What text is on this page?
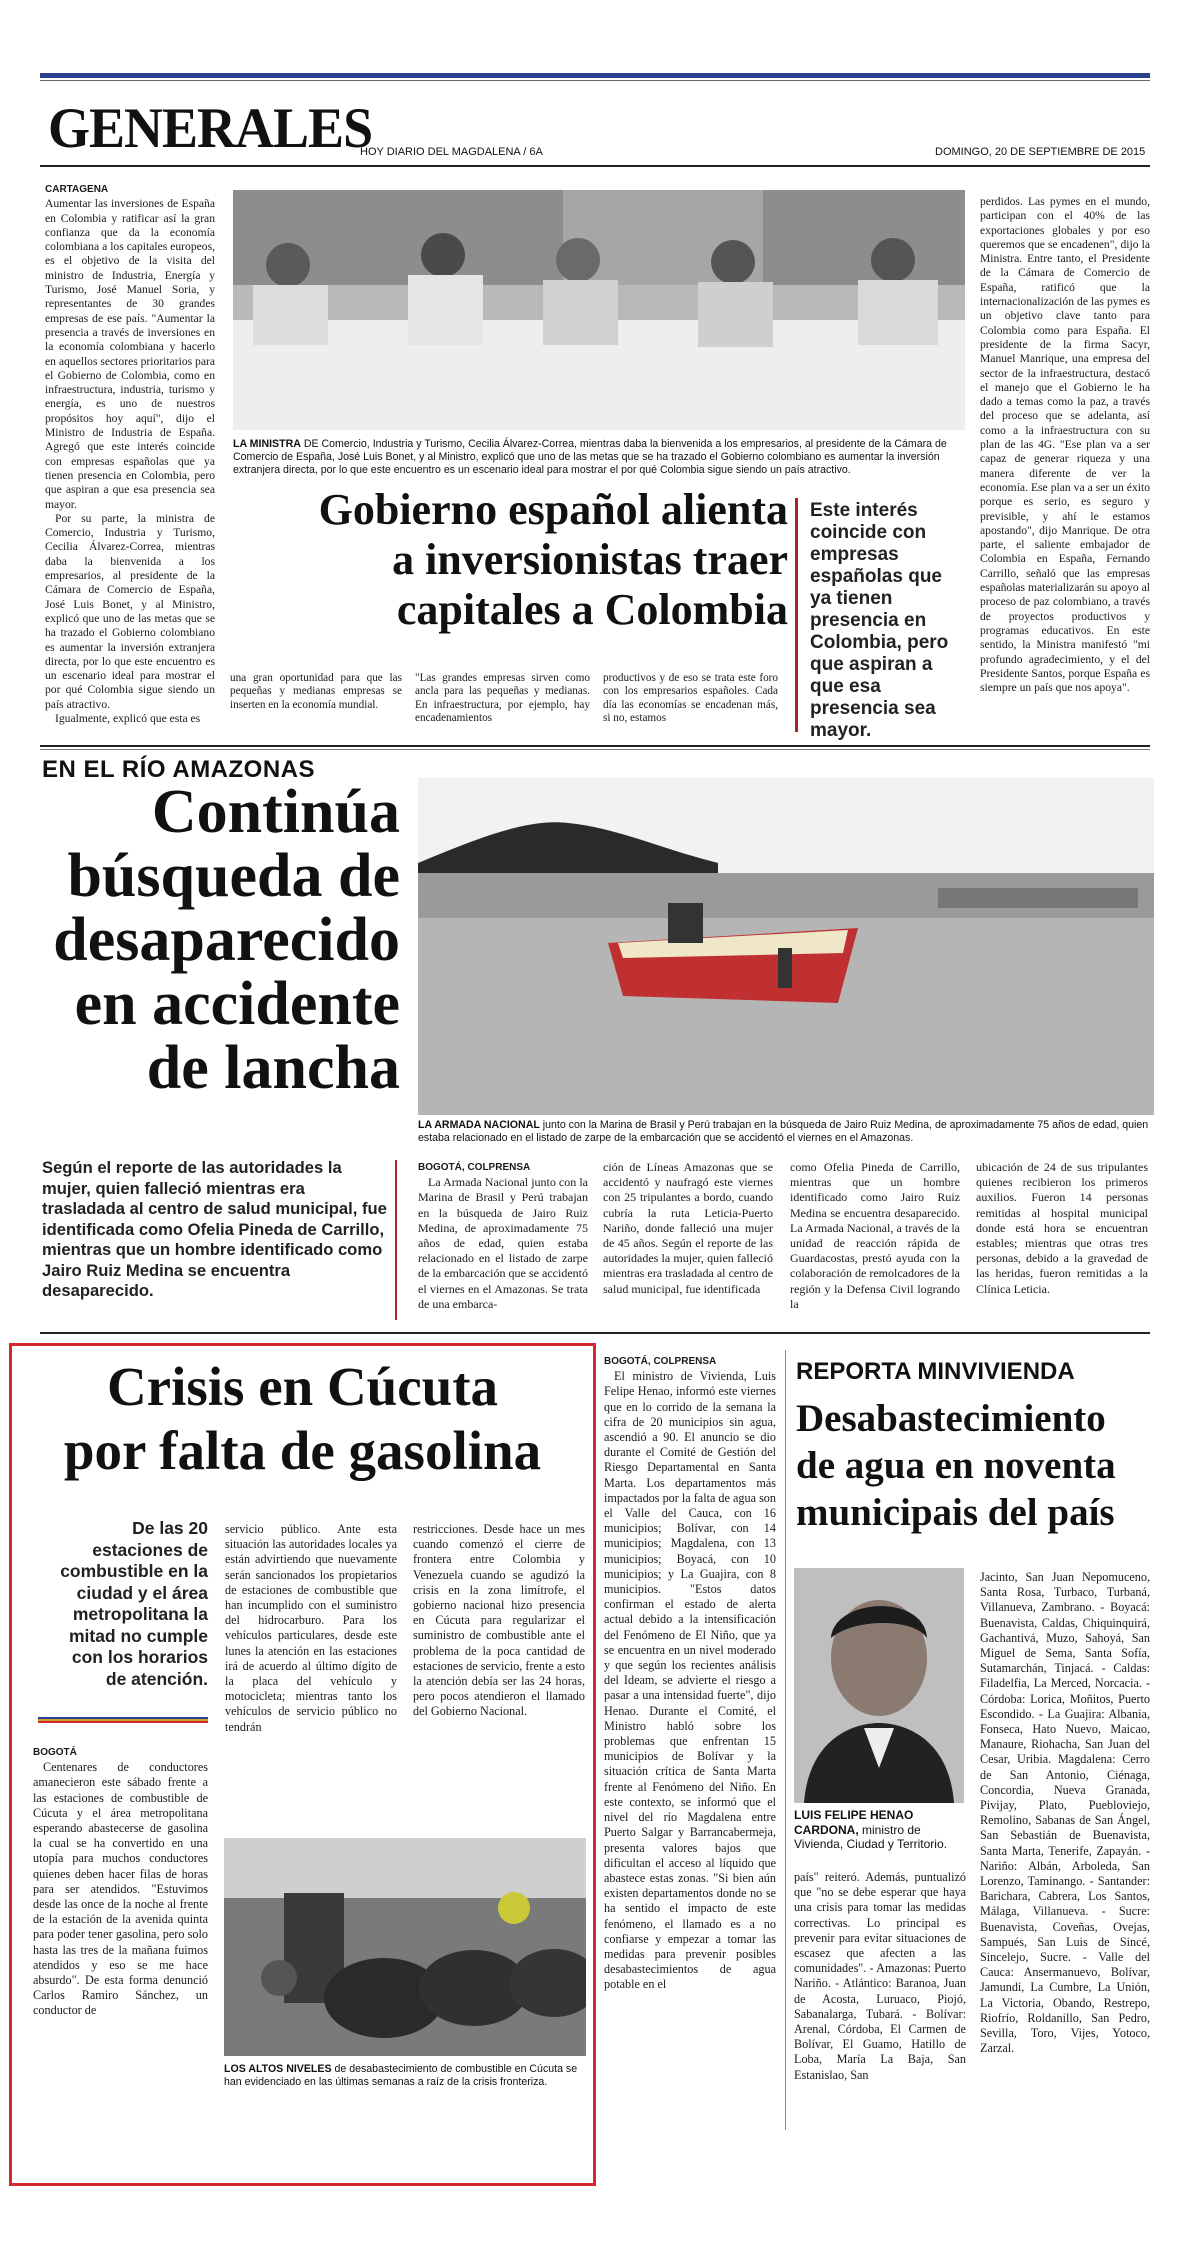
GENERALES
HOY DIARIO DEL MAGDALENA / 6A	DOMINGO, 20 DE SEPTIEMBRE DE 2015

CARTAGENA

Aumentar las inversiones de España en Colombia y ratificar así la gran confianza que da la economía colombiana a los capitales europeos, es el objetivo de la visita del ministro de Industria, Energía y Turismo, José Manuel Soria, y representantes de 30 grandes empresas de ese país. "Aumentar la presencia a través de inversiones en la economía colombiana y hacerlo en aquellos sectores prioritarios para el Gobierno de Colombia, como en infraestructura, industria, turismo y energía, es uno de nuestros propósitos hoy aquí", dijo el Ministro de Industria de España. Agregó que este interés coincide con empresas españolas que ya tienen presencia en Colombia, pero que aspiran a que esa presencia sea mayor.

Por su parte, la ministra de Comercio, Industria y Turismo, Cecilia Álvarez-Correa, mientras daba la bienvenida a los empresarios, al presidente de la Cámara de Comercio de España, José Luis Bonet, y al Ministro, explicó que uno de las metas que se ha trazado el Gobierno colombiano es aumentar la inversión extranjera directa, por lo que este encuentro es un escenario ideal para mostrar el por qué Colombia sigue siendo un país atractivo.

Igualmente, explicó que esta es

LA MINISTRA DE Comercio, Industria y Turismo, Cecilia Álvarez-Correa, mientras daba la bienvenida a los empresarios, al presidente de la Cámara de Comercio de España, José Luis Bonet, y al Ministro, explicó que uno de las metas que se ha trazado el Gobierno colombiano es aumentar la inversión extranjera directa, por lo que este encuentro es un escenario ideal para mostrar el por qué Colombia sigue siendo un país atractivo.
Gobierno español alienta
a inversionistas traer
capitales a Colombia
Este interés coincide con empresas españolas que ya tienen presencia en Colombia, pero que aspiran a que esa presencia sea mayor.
una gran oportunidad para que las pequeñas y medianas empresas se inserten en la economía mundial.
"Las grandes empresas sirven como ancla para las pequeñas y medianas. En infraestructura, por ejemplo, hay encadenamientos
productivos y de eso se trata este foro con los empresarios españoles. Cada día las economías se encadenan más, si no, estamos
perdidos. Las pymes en el mundo, participan con el 40% de las exportaciones globales y por eso queremos que se encadenen", dijo la Ministra. Entre tanto, el Presidente de la Cámara de Comercio de España, ratificó que la internacionalización de las pymes es un objetivo clave tanto para Colombia como para España. El presidente de la firma Sacyr, Manuel Manrique, una empresa del sector de la infraestructura, destacó el manejo que el Gobierno le ha dado a temas como la paz, a través del proceso que se adelanta, así como a la infraestructura con su plan de las 4G. "Ese plan va a ser capaz de generar riqueza y una manera diferente de ver la economía. Ese plan va a ser un éxito porque es serio, es seguro y previsible, y ahí le estamos apostando", dijo Manrique. De otra parte, el saliente embajador de Colombia en España, Fernando Carrillo, señaló que las empresas españolas materializarán su apoyo al proceso de paz colombiano, a través de proyectos productivos y programas educativos. En este sentido, la Ministra manifestó "mi profundo agradecimiento, y el del Presidente Santos, porque España es siempre un país que nos apoya".
EN EL RÍO AMAZONAS
Continúa
búsqueda de
desaparecido
en accidente
de lancha
LA ARMADA NACIONAL junto con la Marina de Brasil y Perú trabajan en la búsqueda de Jairo Ruiz Medina, de aproximadamente 75 años de edad, quien estaba relacionado en el listado de zarpe de la embarcación que se accidentó el viernes en el Amazonas.
Según el reporte de las autoridades la mujer, quien falleció mientras era trasladada al centro de salud municipal, fue identificada como Ofelia Pineda de Carrillo, mientras que un hombre identificado como Jairo Ruiz Medina se encuentra desaparecido.

BOGOTÁ, COLPRENSA

La Armada Nacional junto con la Marina de Brasil y Perú trabajan en la búsqueda de Jairo Ruiz Medina, de aproximadamente 75 años de edad, quien estaba relacionado en el listado de zarpe de la embarcación que se accidentó el viernes en el Amazonas. Se trata de una embarca-

ción de Líneas Amazonas que se accidentó y naufragó este viernes con 25 tripulantes a bordo, cuando cubría la ruta Leticia-Puerto Nariño, donde falleció una mujer de 45 años. Según el reporte de las autoridades la mujer, quien falleció mientras era trasladada al centro de salud municipal, fue identificada
como Ofelia Pineda de Carrillo, mientras que un hombre identificado como Jairo Ruiz Medina se encuentra desaparecido. La Armada Nacional, a través de la unidad de reacción rápida de Guardacostas, prestó ayuda con la colaboración de remolcadores de la región y la Defensa Civil logrando la
ubicación de 24 de sus tripulantes quienes recibieron los primeros auxilios. Fueron 14 personas remitidas al hospital municipal donde está hora se encuentran estables; mientras que otras tres personas, debido a la gravedad de las heridas, fueron remitidas a la Clínica Leticia.
Crisis en Cúcuta
por falta de gasolina
De las 20 estaciones de combustible en la ciudad y el área metropolitana la mitad no cumple con los horarios de atención.

BOGOTÁ

Centenares de conductores amanecieron este sábado frente a las estaciones de combustible de Cúcuta y el área metropolitana esperando abastecerse de gasolina la cual se ha convertido en una utopía para muchos conductores quienes deben hacer filas de horas para ser atendidos. "Estuvimos desde las once de la noche al frente de la estación de la avenida quinta para poder tener gasolina, pero solo hasta las tres de la mañana fuimos atendidos y eso se me hace absurdo". De esta forma denunció Carlos Ramiro Sánchez, un conductor de

servicio público. Ante esta situación las autoridades locales ya están advirtiendo que nuevamente serán sancionados los propietarios de estaciones de combustible que han incumplido con el suministro del hidrocarburo. Para los vehículos particulares, desde este lunes la atención en las estaciones irá de acuerdo al último dígito de la placa del vehículo y motocicleta; mientras tanto los vehículos de servicio público no tendrán
restricciones. Desde hace un mes cuando comenzó el cierre de frontera entre Colombia y Venezuela cuando se agudizó la crisis en la zona limítrofe, el gobierno nacional hizo presencia en Cúcuta para regularizar el suministro de combustible ante el problema de la poca cantidad de estaciones de servicio, frente a esto la atención debía ser las 24 horas, pero pocos atendieron el llamado del Gobierno Nacional.
LOS ALTOS NIVELES de desabastecimiento de combustible en Cúcuta se han evidenciado en las últimas semanas a raíz de la crisis fronteriza.

BOGOTÁ, COLPRENSA

El ministro de Vivienda, Luis Felipe Henao, informó este viernes que en lo corrido de la semana la cifra de 20 municipios sin agua, ascendió a 90. El anuncio se dio durante el Comité de Gestión del Riesgo Departamental en Santa Marta. Los departamentos más impactados por la falta de agua son el Valle del Cauca, con 16 municipios; Bolívar, con 14 municipios; Magdalena, con 13 municipios; Boyacá, con 10 municipios; y La Guajira, con 8 municipios. "Estos datos confirman el estado de alerta actual debido a la intensificación del Fenómeno de El Niño, que ya se encuentra en un nivel moderado y que según los recientes análisis del Ideam, se advierte el riesgo a pasar a una intensidad fuerte", dijo Henao. Durante el Comité, el Ministro habló sobre los problemas que enfrentan 15 municipios de Bolívar y la situación crítica de Santa Marta frente al Fenómeno del Niño. En este contexto, se informó que el nivel del río Magdalena entre Puerto Salgar y Barrancabermeja, presenta valores bajos que dificultan el acceso al líquido que abastece estas zonas. "Si bien aún existen departamentos donde no se ha sentido el impacto de este fenómeno, el llamado es a no confiarse y empezar a tomar las medidas para prevenir posibles desabastecimientos de agua potable en el

REPORTA MINVIVIENDA
Desabastecimiento
de agua en noventa
municipais del país
LUIS FELIPE HENAO CARDONA, ministro de Vivienda, Ciudad y Territorio.
país" reiteró. Además, puntualizó que "no se debe esperar que haya una crisis para tomar las medidas correctivas. Lo principal es prevenir para evitar situaciones de escasez que afecten a las comunidades". - Amazonas: Puerto Nariño. - Atlántico: Baranoa, Juan de Acosta, Luruaco, Piojó, Sabanalarga, Tubará. - Bolívar: Arenal, Córdoba, El Carmen de Bolívar, El Guamo, Hatillo de Loba, María La Baja, San Estanislao, San
Jacinto, San Juan Nepomuceno, Santa Rosa, Turbaco, Turbaná, Villanueva, Zambrano. - Boyacá: Buenavista, Caldas, Chiquinquirá, Gachantivá, Muzo, Sahoyá, San Miguel de Sema, Santa Sofía, Sutamarchán, Tinjacá. - Caldas: Filadelfia, La Merced, Norcacia. - Córdoba: Lorica, Moñitos, Puerto Escondido. - La Guajira: Albania, Fonseca, Hato Nuevo, Maicao, Manaure, Riohacha, San Juan del Cesar, Uribia. Magdalena: Cerro de San Antonio, Ciénaga, Concordia, Nueva Granada, Pivijay, Plato, Puebloviejo, Remolino, Sabanas de San Ángel, San Sebastián de Buenavista, Santa Marta, Tenerife, Zapayán. - Nariño: Albán, Arboleda, San Lorenzo, Taminango. - Santander: Barichara, Cabrera, Los Santos, Málaga, Villanueva. - Sucre: Buenavista, Coveñas, Ovejas, Sampués, San Luis de Sincé, Sincelejo, Sucre. - Valle del Cauca: Ansermanuevo, Bolívar, Jamundí, La Cumbre, La Unión, La Victoria, Obando, Restrepo, Riofrío, Roldanillo, San Pedro, Sevilla, Toro, Vijes, Yotoco, Zarzal.
